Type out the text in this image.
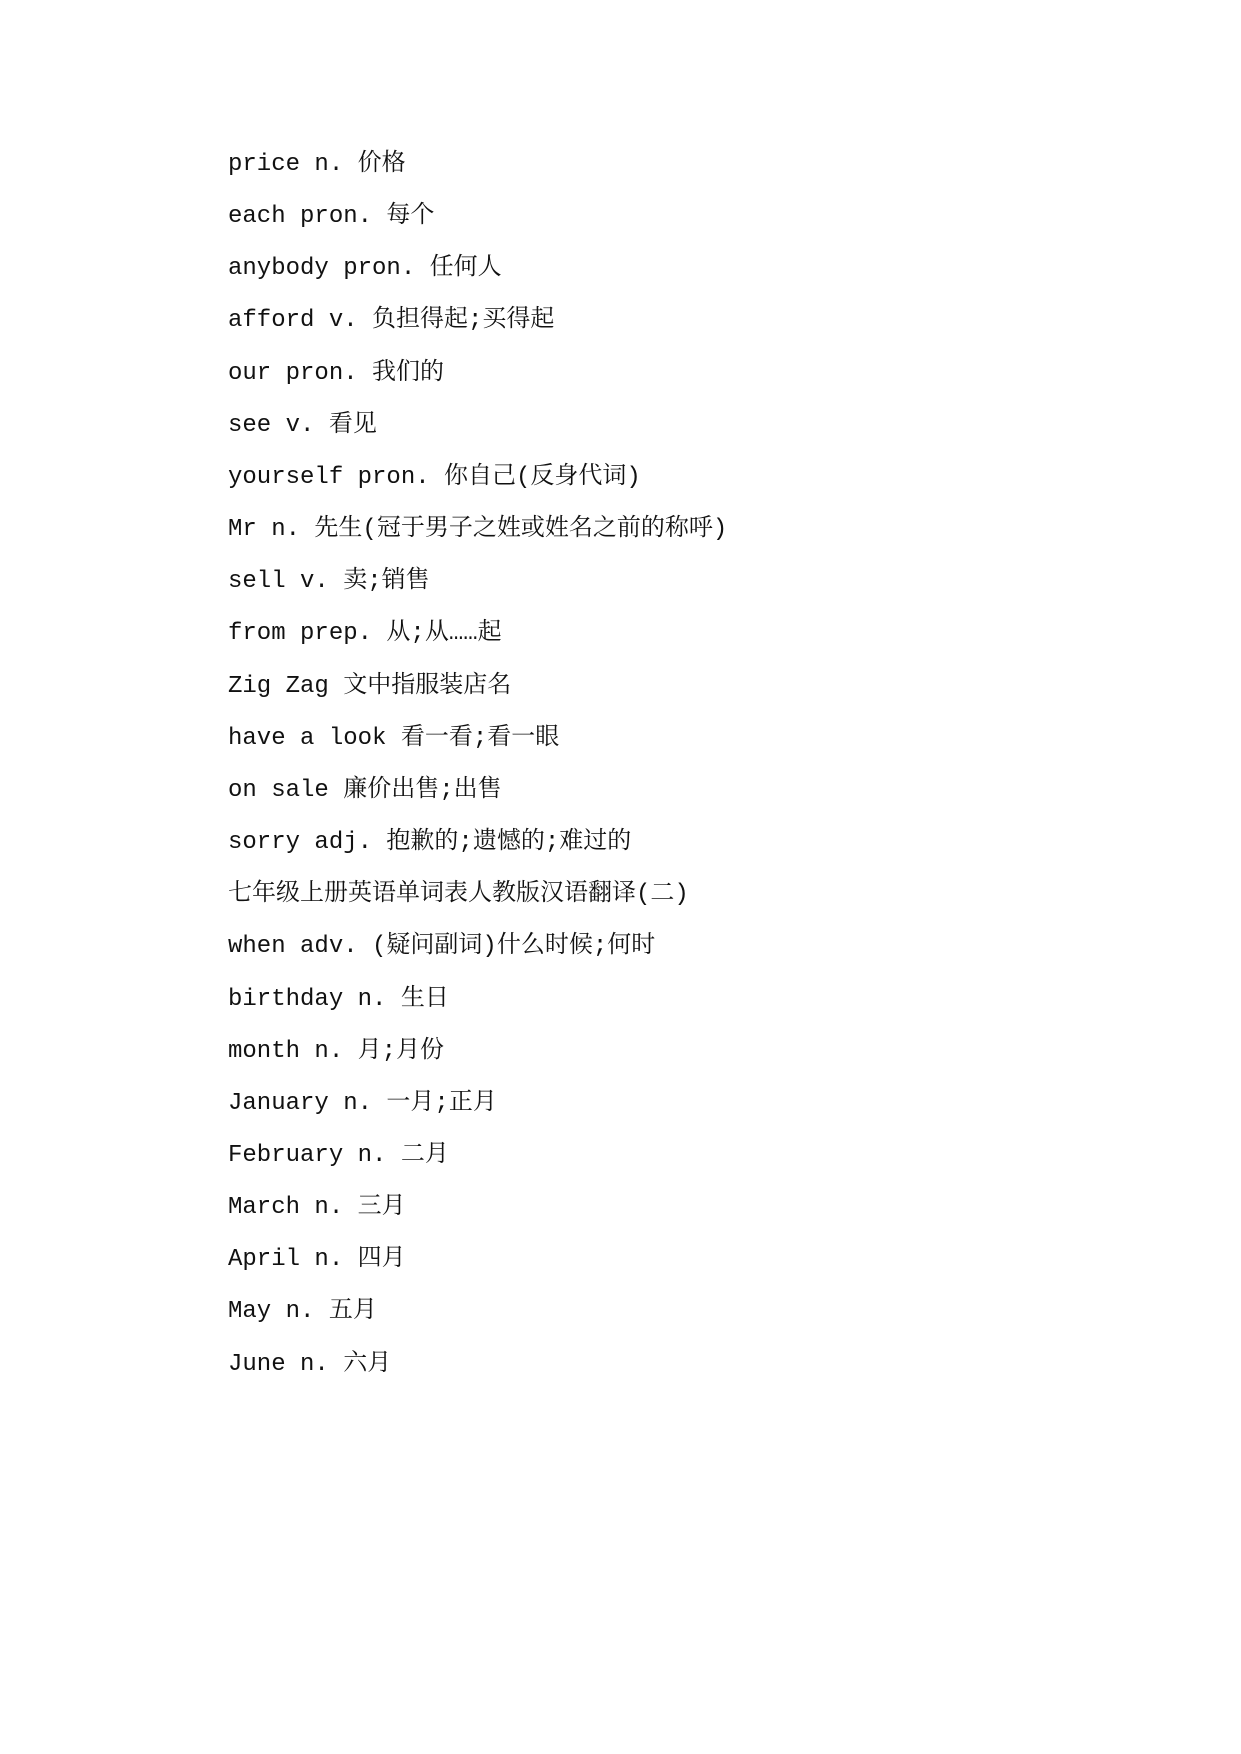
price n. 价格
each pron. 每个
anybody pron. 任何人
afford v. 负担得起;买得起
our pron. 我们的
see v. 看见
yourself pron. 你自己(反身代词)
Mr n. 先生(冠于男子之姓或姓名之前的称呼)
sell v. 卖;销售
from prep. 从;从……起
Zig Zag 文中指服装店名
have a look 看一看;看一眼
on sale 廉价出售;出售
sorry adj. 抱歉的;遗憾的;难过的
七年级上册英语单词表人教版汉语翻译(二)
when adv. (疑问副词)什么时候;何时
birthday n. 生日
month n. 月;月份
January n. 一月;正月
February n. 二月
March n. 三月
April n. 四月
May n. 五月
June n. 六月
